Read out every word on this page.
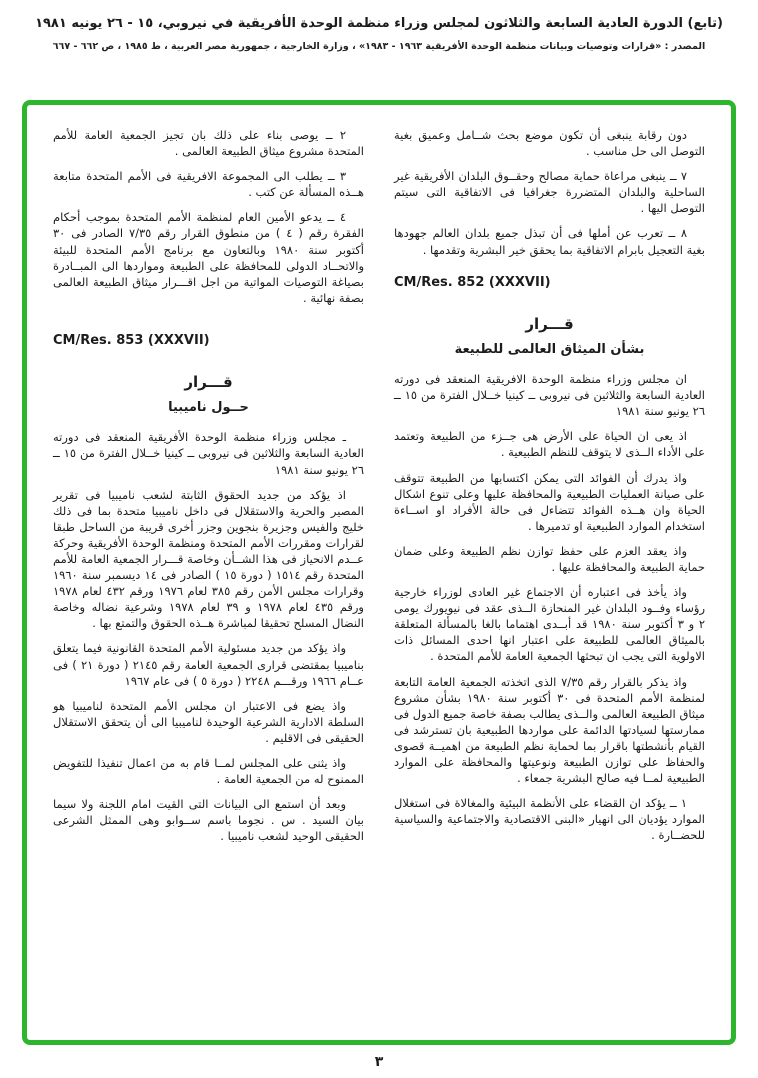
(تابع) الدورة العادية السابعة والثلاثون لمجلس وزراء منظمة الوحدة الأفريقية في نيروبي، ١٥ - ٢٦ يونيه ١٩٨١
المصدر : «قرارات وتوصيات وبيانات منظمة الوحدة الأفريقية ١٩٦٣ - ١٩٨٣» ، وزارة الخارجية ، جمهورية مصر العربية ، ط ١٩٨٥ ، ص ٦٦٢ - ٦٦٧

دون رقابة ينبغى أن تكون موضع بحث شــامل وعميق بغية التوصل الى حل مناسب .

٧ ــ ينبغى مراعاة حماية مصالح وحقــوق البلدان الأفريقية غير الساحلية والبلدان المتضررة جغرافيا فى الاتفاقية التى سيتم التوصل اليها .

٨ ــ تعرب عن أملها فى أن تبذل جميع بلدان العالم جهودها بغية التعجيل بابرام الاتفاقية بما يحقق خير البشرية وتقدمها .

CM/Res. 852 (XXXVII)
قـــرار
بشأن الميثاق العالمى للطبيعة

ان مجلس وزراء منظمة الوحدة الافريقية المنعقد فى دورته العادية السابعة والثلاثين فى نيروبى ــ كينيا خــلال الفترة من ١٥ ــ ٢٦ يونيو سنة ١٩٨١

اذ يعى ان الحياة على الأرض هى جــزء من الطبيعة وتعتمد على الأداء الــذى لا يتوقف للنظم الطبيعية .

واذ يدرك أن الفوائد التى يمكن اكتسابها من الطبيعة تتوقف على صيانة العمليات الطبيعية والمحافظة عليها وعلى تنوع اشكال الحياة وان هــذه الفوائد تتضاءل فى حالة الأفراد او اســاءة استخدام الموارد الطبيعية او تدميرها .

واذ يعقد العزم على حفظ توازن نظم الطبيعة وعلى ضمان حماية الطبيعة والمحافظة عليها .

واذ يأخذ فى اعتباره أن الاجتماع غير العادى لوزراء خارجية رؤساء وفــود البلدان غير المنحازة الــذى عقد فى نيويورك يومى ٢ و ٣ أكتوبر سنة ١٩٨٠ قد أبــدى اهتماما بالغا بالمسألة المتعلقة بالميثاق العالمى للطبيعة على اعتبار انها احدى المسائل ذات الاولوية التى يجب ان تبحثها الجمعية العامة للأمم المتحدة .

واذ يذكر بالقرار رقم ٧/٣٥ الذى اتخذته الجمعية العامة التابعة لمنظمة الأمم المتحدة فى ٣٠ أكتوبر سنة ١٩٨٠ بشأن مشروع ميثاق الطبيعة العالمى والــذى يطالب بصفة خاصة جميع الدول فى ممارستها لسيادتها الدائمة على مواردها الطبيعية بان تسترشد فى القيام بأنشطتها باقرار بما لحماية نظم الطبيعة من اهميــة قصوى والحفاظ على توازن الطبيعة ونوعيتها والمحافظة على الموارد الطبيعية لمــا فيه صالح البشرية جمعاء .

١ ــ يؤكد ان القضاء على الأنظمة البيئية والمغالاة فى استغلال الموارد يؤديان الى انهيار «البنى الاقتصادية والاجتماعية والسياسية للحضــارة .

٢ ــ يوصى بناء على ذلك بان تجيز الجمعية العامة للأمم المتحدة مشروع ميثاق الطبيعة العالمى .

٣ ــ يطلب الى المجموعة الافريقية فى الأمم المتحدة متابعة هــذه المسألة عن كتب .

٤ ــ يدعو الأمين العام لمنظمة الأمم المتحدة بموجب أحكام الفقرة رقم ( ٤ ) من منطوق القرار رقم ٧/٣٥ الصادر فى ٣٠ أكتوبر سنة ١٩٨٠ وبالتعاون مع برنامج الأمم المتحدة للبيئة والاتحــاد الدولى للمحافظة على الطبيعة ومواردها الى المبــادرة بصياغة التوصيات المواتية من اجل اقـــرار ميثاق الطبيعة العالمى بصفة نهائية .

CM/Res. 853 (XXXVII)
قـــرار
حــول ناميبيا

ـ مجلس وزراء منظمة الوحدة الأفريقية المنعقد فى دورته العادية السابعة والثلاثين فى نيروبى ــ كينيا خــلال الفترة من ١٥ ــ ٢٦ يونيو سنة ١٩٨١

اذ يؤكد من جديد الحقوق الثابتة لشعب ناميبيا فى تقرير المصير والحرية والاستقلال فى داخل ناميبيا متحدة بما فى ذلك خليج والفيس وجزيرة بنجوين وجزر أخرى قريبة من الساحل طبقا لقرارات ومقررات الأمم المتحدة ومنظمة الوحدة الأفريقية وحركة عــدم الانحياز فى هذا الشــأن وخاصة قـــرار الجمعية العامة للأمم المتحدة رقم ١٥١٤ ( دورة ١٥ ) الصادر فى ١٤ ديسمبر سنة ١٩٦٠ وقرارات مجلس الأمن رقم ٣٨٥ لعام ١٩٧٦ ورقم ٤٣٢ لعام ١٩٧٨ ورقم ٤٣٥ لعام ١٩٧٨ و ٣٩ لعام ١٩٧٨ وشرعية نضاله وخاصة النضال المسلح تحقيقا لمباشرة هــذه الحقوق والتمتع بها .

واذ يؤكد من جديد مسئولية الأمم المتحدة القانونية فيما يتعلق بناميبيا بمقتضى قرارى الجمعية العامة رقم ٢١٤٥ ( دورة ٢١ ) فى عــام ١٩٦٦ ورقـــم ٢٢٤٨ ( دورة ٥ ) فى عام ١٩٦٧

واذ يضع فى الاعتبار ان مجلس الأمم المتحدة لناميبيا هو السلطة الادارية الشرعية الوحيدة لناميبيا الى أن يتحقق الاستقلال الحقيقى فى الاقليم .

واذ يثنى على المجلس لمــا قام به من اعمال تنفيذا للتفويض الممنوح له من الجمعية العامة .

وبعد أن استمع الى البيانات التى القيت امام اللجنة ولا سيما بيان السيد . س . نجوما باسم ســوابو وهى الممثل الشرعى الحقيقى الوحيد لشعب ناميبيا .

٣
